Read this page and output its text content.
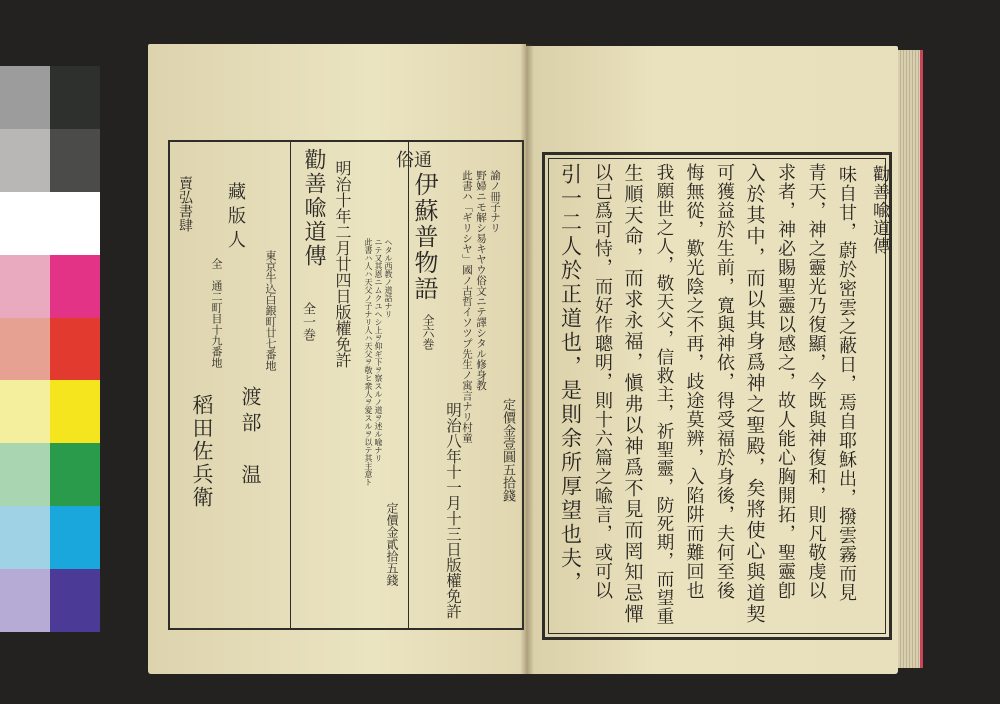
通
俗
伊蘇普物語
全六巻 此書ハ「ギリシヤ」國ノ古哲イソツプ先生ノ寓言ナリ村童 野婦ニモ解シ易キヤウ俗文ニテ譯シタル修身教 諭ノ冊子ナリ
明治八年十一月十三日版權免許	定價金壹圓五拾錢
勸善喩道傳
全一巻 明治十年二月廿四日版權免許 此書ハ人ハ天父ノ子ナリ人ハ天父ヲ敬ヒ衆人ヲ愛スルヲ以テ其主意ト ニテ又其恩ニムクユヘシ上ヲ仰ギ下ヲ察スルノ道ヲ述ル喩ナリ ヘタル西教ノ道話ナリ
定價金貳拾五錢
藏版人
東京牛込白銀町廿七番地
渡部　温
賣弘書肆
全　通二町目十九番地
稻田佐兵衛
勸善喩道傳
味自甘，蔚於密雲之蔽日，焉自耶穌出，撥雲霧而見
青天，神之靈光乃復顯，今既與神復和，則凡敬虔以
求者，神必賜聖靈以感之，故人能心胸開拓，聖靈卽
入於其中，而以其身爲神之聖殿，矣將使心與道契
可獲益於生前，寬與神依，得受福於身後，夫何至後
悔無從，歎光陰之不再，歧途莫辨，入陷阱而難回也
我願世之人，敬天父，信救主，祈聖靈，防死期，而望重
生順天命，而求永福，愼弗以神爲不見而罔知忌憚
以已爲可恃，而好作聰明，則十六篇之喩言，或可以
引一二人於正道也，是則余所厚望也夫，
